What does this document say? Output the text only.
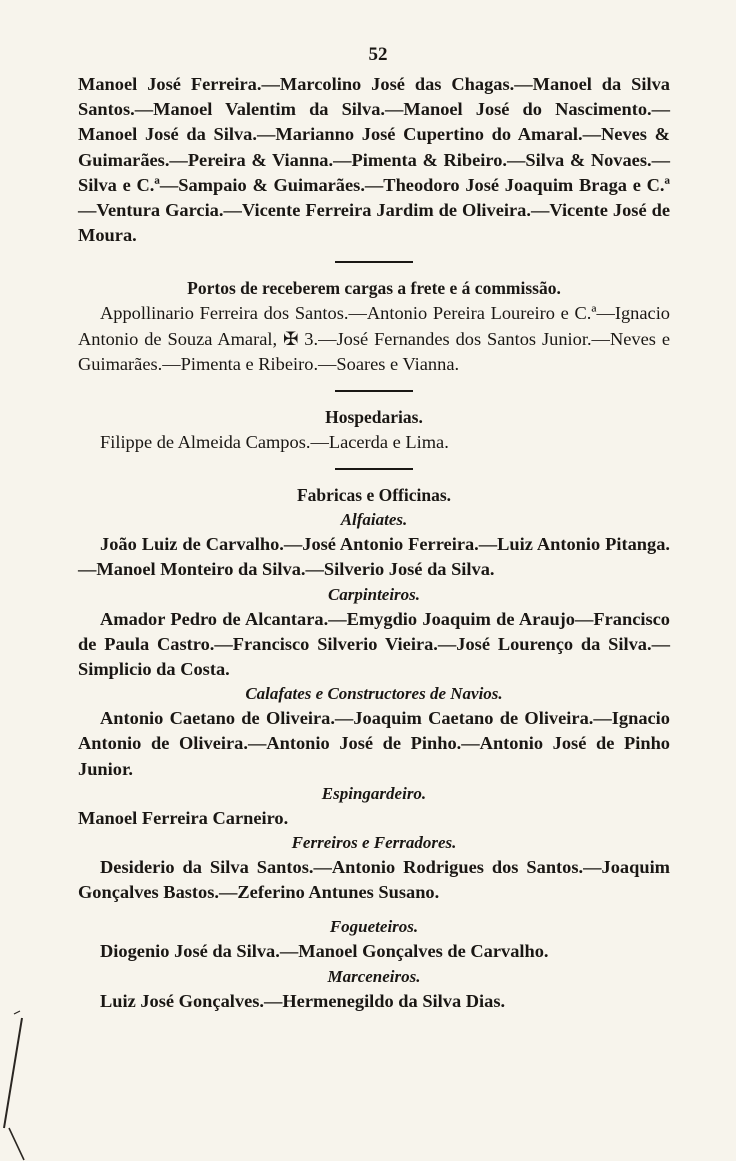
52

Manoel José Ferreira.—Marcolino José das Chagas.—Manoel da Silva Santos.—Manoel Valentim da Silva.—Manoel José do Nascimento.—Manoel José da Silva.—Marianno José Cupertino do Amaral.—Neves & Guimarães.—Pereira & Vianna.—Pimenta & Ribeiro.—Silva & Novaes.—Silva e C.ª—Sampaio & Guimarães.—Theodoro José Joaquim Braga e C.ª—Ventura Garcia.—Vicente Ferreira Jardim de Oliveira.—Vicente José de Moura.

Portos de receberem cargas a frete e á commissão.

Appollinario Ferreira dos Santos.—Antonio Pereira Loureiro e C.ª—Ignacio Antonio de Souza Amaral, ✠ 3.—José Fernandes dos Santos Junior.—Neves e Guimarães.—Pimenta e Ribeiro.—Soares e Vianna.

Hospedarias.

Filippe de Almeida Campos.—Lacerda e Lima.

Fabricas e Officinas.
Alfaiates.

João Luiz de Carvalho.—José Antonio Ferreira.—Luiz Antonio Pitanga.—Manoel Monteiro da Silva.—Silverio José da Silva.

Carpinteiros.

Amador Pedro de Alcantara.—Emygdio Joaquim de Araujo—Francisco de Paula Castro.—Francisco Silverio Vieira.—José Lourenço da Silva.—Simplicio da Costa.

Calafates e Constructores de Navios.

Antonio Caetano de Oliveira.—Joaquim Caetano de Oliveira.—Ignacio Antonio de Oliveira.—Antonio José de Pinho.—Antonio José de Pinho Junior.

Espingardeiro.

Manoel Ferreira Carneiro.

Ferreiros e Ferradores.

Desiderio da Silva Santos.—Antonio Rodrigues dos Santos.—Joaquim Gonçalves Bastos.—Zeferino Antunes Susano.

Fogueteiros.

Diogenio José da Silva.—Manoel Gonçalves de Carvalho.

Marceneiros.

Luiz José Gonçalves.—Hermenegildo da Silva Dias.
